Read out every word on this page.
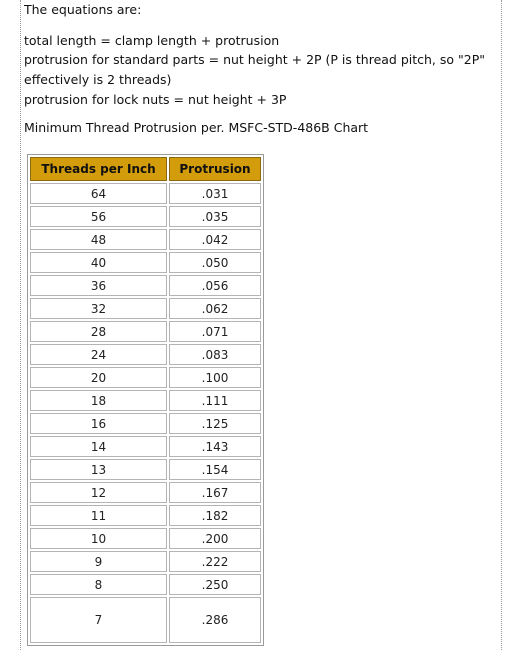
The equations are:

total length = clamp length + protrusion

protrusion for standard parts = nut height + 2P (P is thread pitch, so "2P" effectively is 2 threads)

protrusion for lock nuts = nut height + 3P

Minimum Thread Protrusion per. MSFC-STD-486B Chart

Threads per Inch	Protrusion
64	.031
56	.035
48	.042
40	.050
36	.056
32	.062
28	.071
24	.083
20	.100
18	.111
16	.125
14	.143
13	.154
12	.167
11	.182
10	.200
9	.222
8	.250
7	.286
